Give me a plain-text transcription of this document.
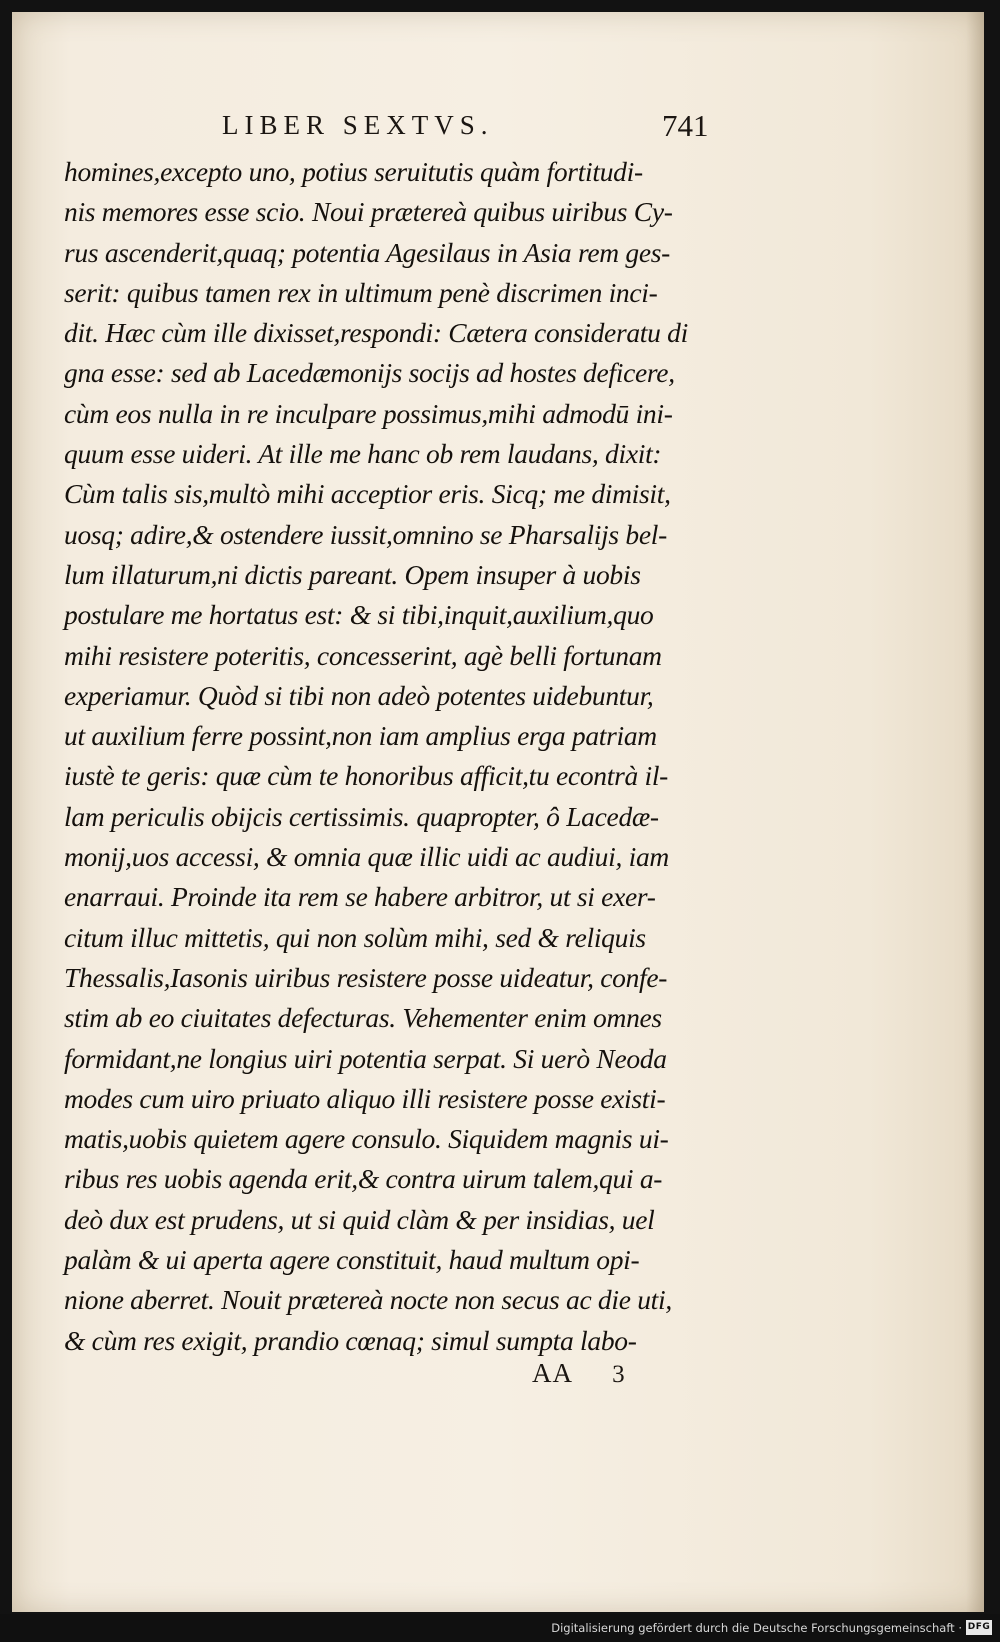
LIBER SEXTVS.	741
homines,excepto uno, potius seruitutis quàm fortitudi-
nis memores esse scio. Noui prætereà quibus uiribus Cy-
rus ascenderit,quaq; potentia Agesilaus in Asia rem ges-
serit: quibus tamen rex in ultimum penè discrimen inci-
dit. Hæc cùm ille dixisset,respondi: Cætera consideratu di
gna esse: sed ab Lacedæmonijs socijs ad hostes deficere,
cùm eos nulla in re inculpare possimus,mihi admodū ini-
quum esse uideri. At ille me hanc ob rem laudans, dixit:
Cùm talis sis,multò mihi acceptior eris. Sicq; me dimisit,
uosq; adire,& ostendere iussit,omnino se Pharsalijs bel-
lum illaturum,ni dictis pareant. Opem insuper à uobis
postulare me hortatus est: & si tibi,inquit,auxilium,quo
mihi resistere poteritis, concesserint, agè belli fortunam
experiamur. Quòd si tibi non adeò potentes uidebuntur,
ut auxilium ferre possint,non iam amplius erga patriam
iustè te geris: quæ cùm te honoribus afficit,tu econtrà il-
lam periculis obijcis certissimis. quapropter, ô Lacedæ-
monij,uos accessi, & omnia quæ illic uidi ac audiui, iam
enarraui. Proinde ita rem se habere arbitror, ut si exer-
citum illuc mittetis, qui non solùm mihi, sed & reliquis
Thessalis,Iasonis uiribus resistere posse uideatur, confe-
stim ab eo ciuitates defecturas. Vehementer enim omnes
formidant,ne longius uiri potentia serpat. Si uerò Neoda
modes cum uiro priuato aliquo illi resistere posse existi-
matis,uobis quietem agere consulo. Siquidem magnis ui-
ribus res uobis agenda erit,& contra uirum talem,qui a-
deò dux est prudens, ut si quid clàm & per insidias, uel
palàm & ui aperta agere constituit, haud multum opi-
nione aberret. Nouit prætereà nocte non secus ac die uti,
& cùm res exigit, prandio cœnaq; simul sumpta labo-
AA 3
Digitalisierung gefördert durch die Deutsche Forschungsgemeinschaft · DFG
